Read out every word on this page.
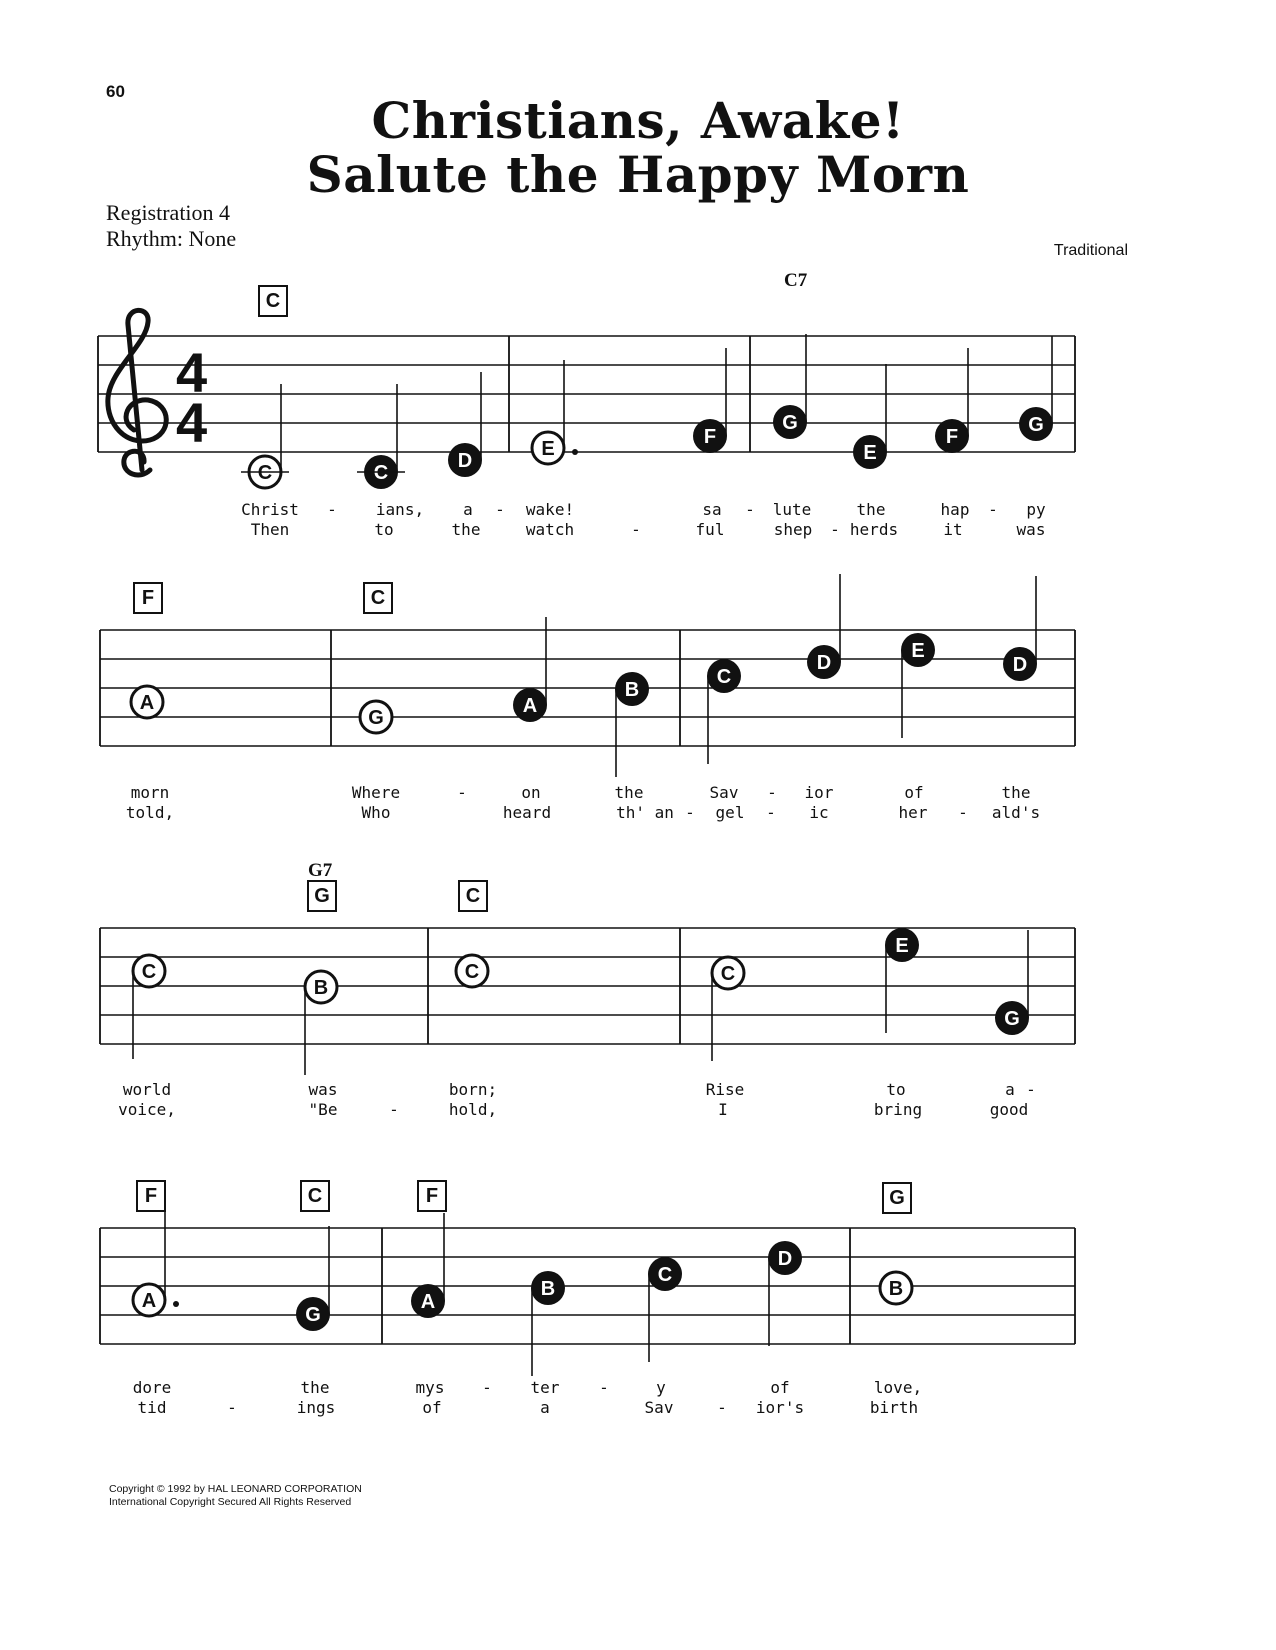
60	Christians, Awake!
Salute the Happy Morn
Registration 4
Rhythm: None	Traditional
C
C7
F	C
G7
G	C
F	C	F	G
4
4
C	C
D
E
F
G
E
F
G
A
G
A
B
C
D
E
D
C
B
C	C
E
G
A
G
A
B
C
D
B
Christ - ians, a - wake!	sa - lute	the	hap - py
Then	to	the	watch	-	ful	shep - herds	it	was
morn	Where	-	on	the	Sav - ior	of	the
told,	Who	heard	th' an - gel - ic	her - ald's
world	was	born;	Rise	to	a -
voice,	"Be	-	hold,	I	bring	good
dore	the	mys - ter -	y	of	love,
tid	-	ings	of	a	Sav	- ior's	birth
Copyright © 1992 by HAL LEONARD CORPORATION
International Copyright Secured All Rights Reserved
